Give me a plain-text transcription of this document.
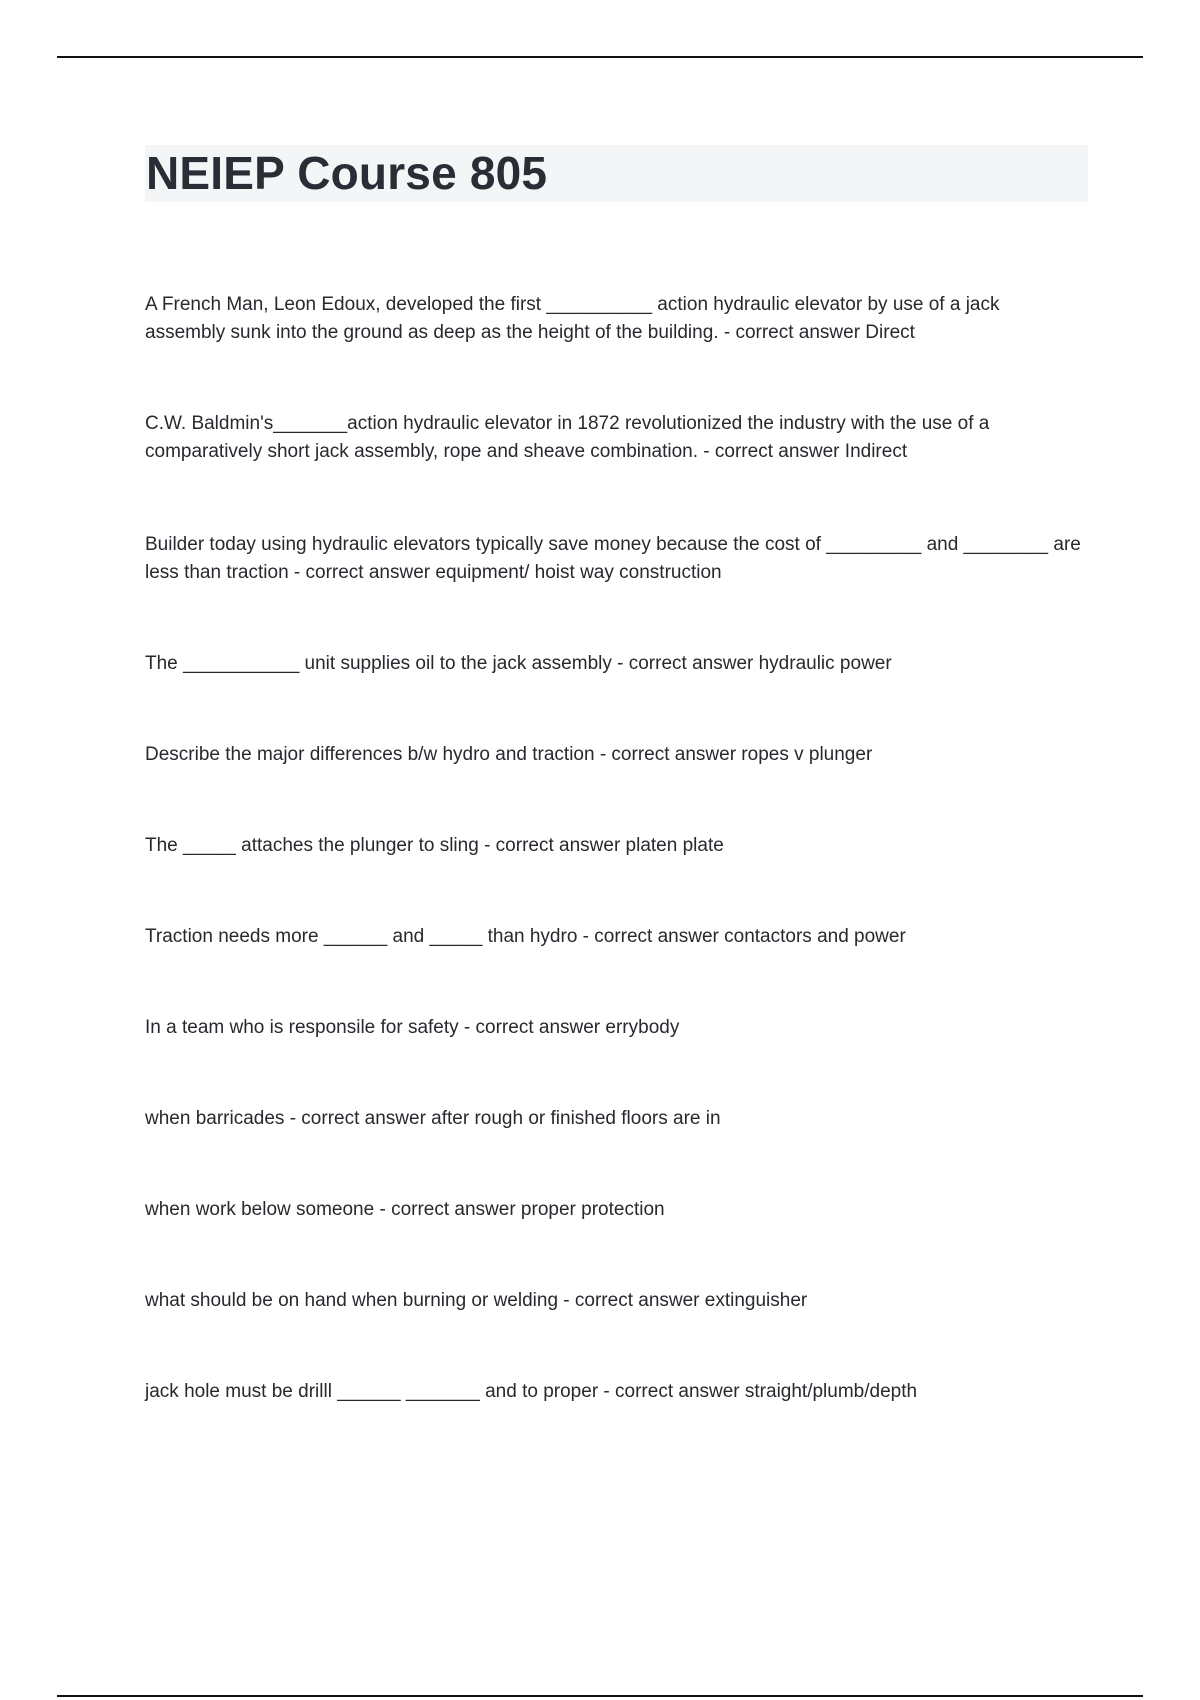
NEIEP Course 805
A French Man, Leon Edoux, developed the first __________ action hydraulic elevator by use of a jack assembly sunk into the ground as deep as the height of the building. - correct answer Direct
C.W. Baldmin's_______action hydraulic elevator in 1872 revolutionized the industry with the use of a comparatively short jack assembly, rope and sheave combination. - correct answer Indirect
Builder today using hydraulic elevators typically save money because the cost of _________ and ________ are less than traction - correct answer equipment/ hoist way construction
The ___________ unit supplies oil to the jack assembly - correct answer hydraulic power
Describe the major differences b/w hydro and traction - correct answer ropes v plunger
The _____ attaches the plunger to sling - correct answer platen plate
Traction needs more ______ and _____ than hydro - correct answer contactors and power
In a team who is responsile for safety - correct answer errybody
when barricades - correct answer after rough or finished floors are in
when work below someone - correct answer proper protection
what should be on hand when burning or welding - correct answer extinguisher
jack hole must be drilll ______ _______ and to proper - correct answer straight/plumb/depth
